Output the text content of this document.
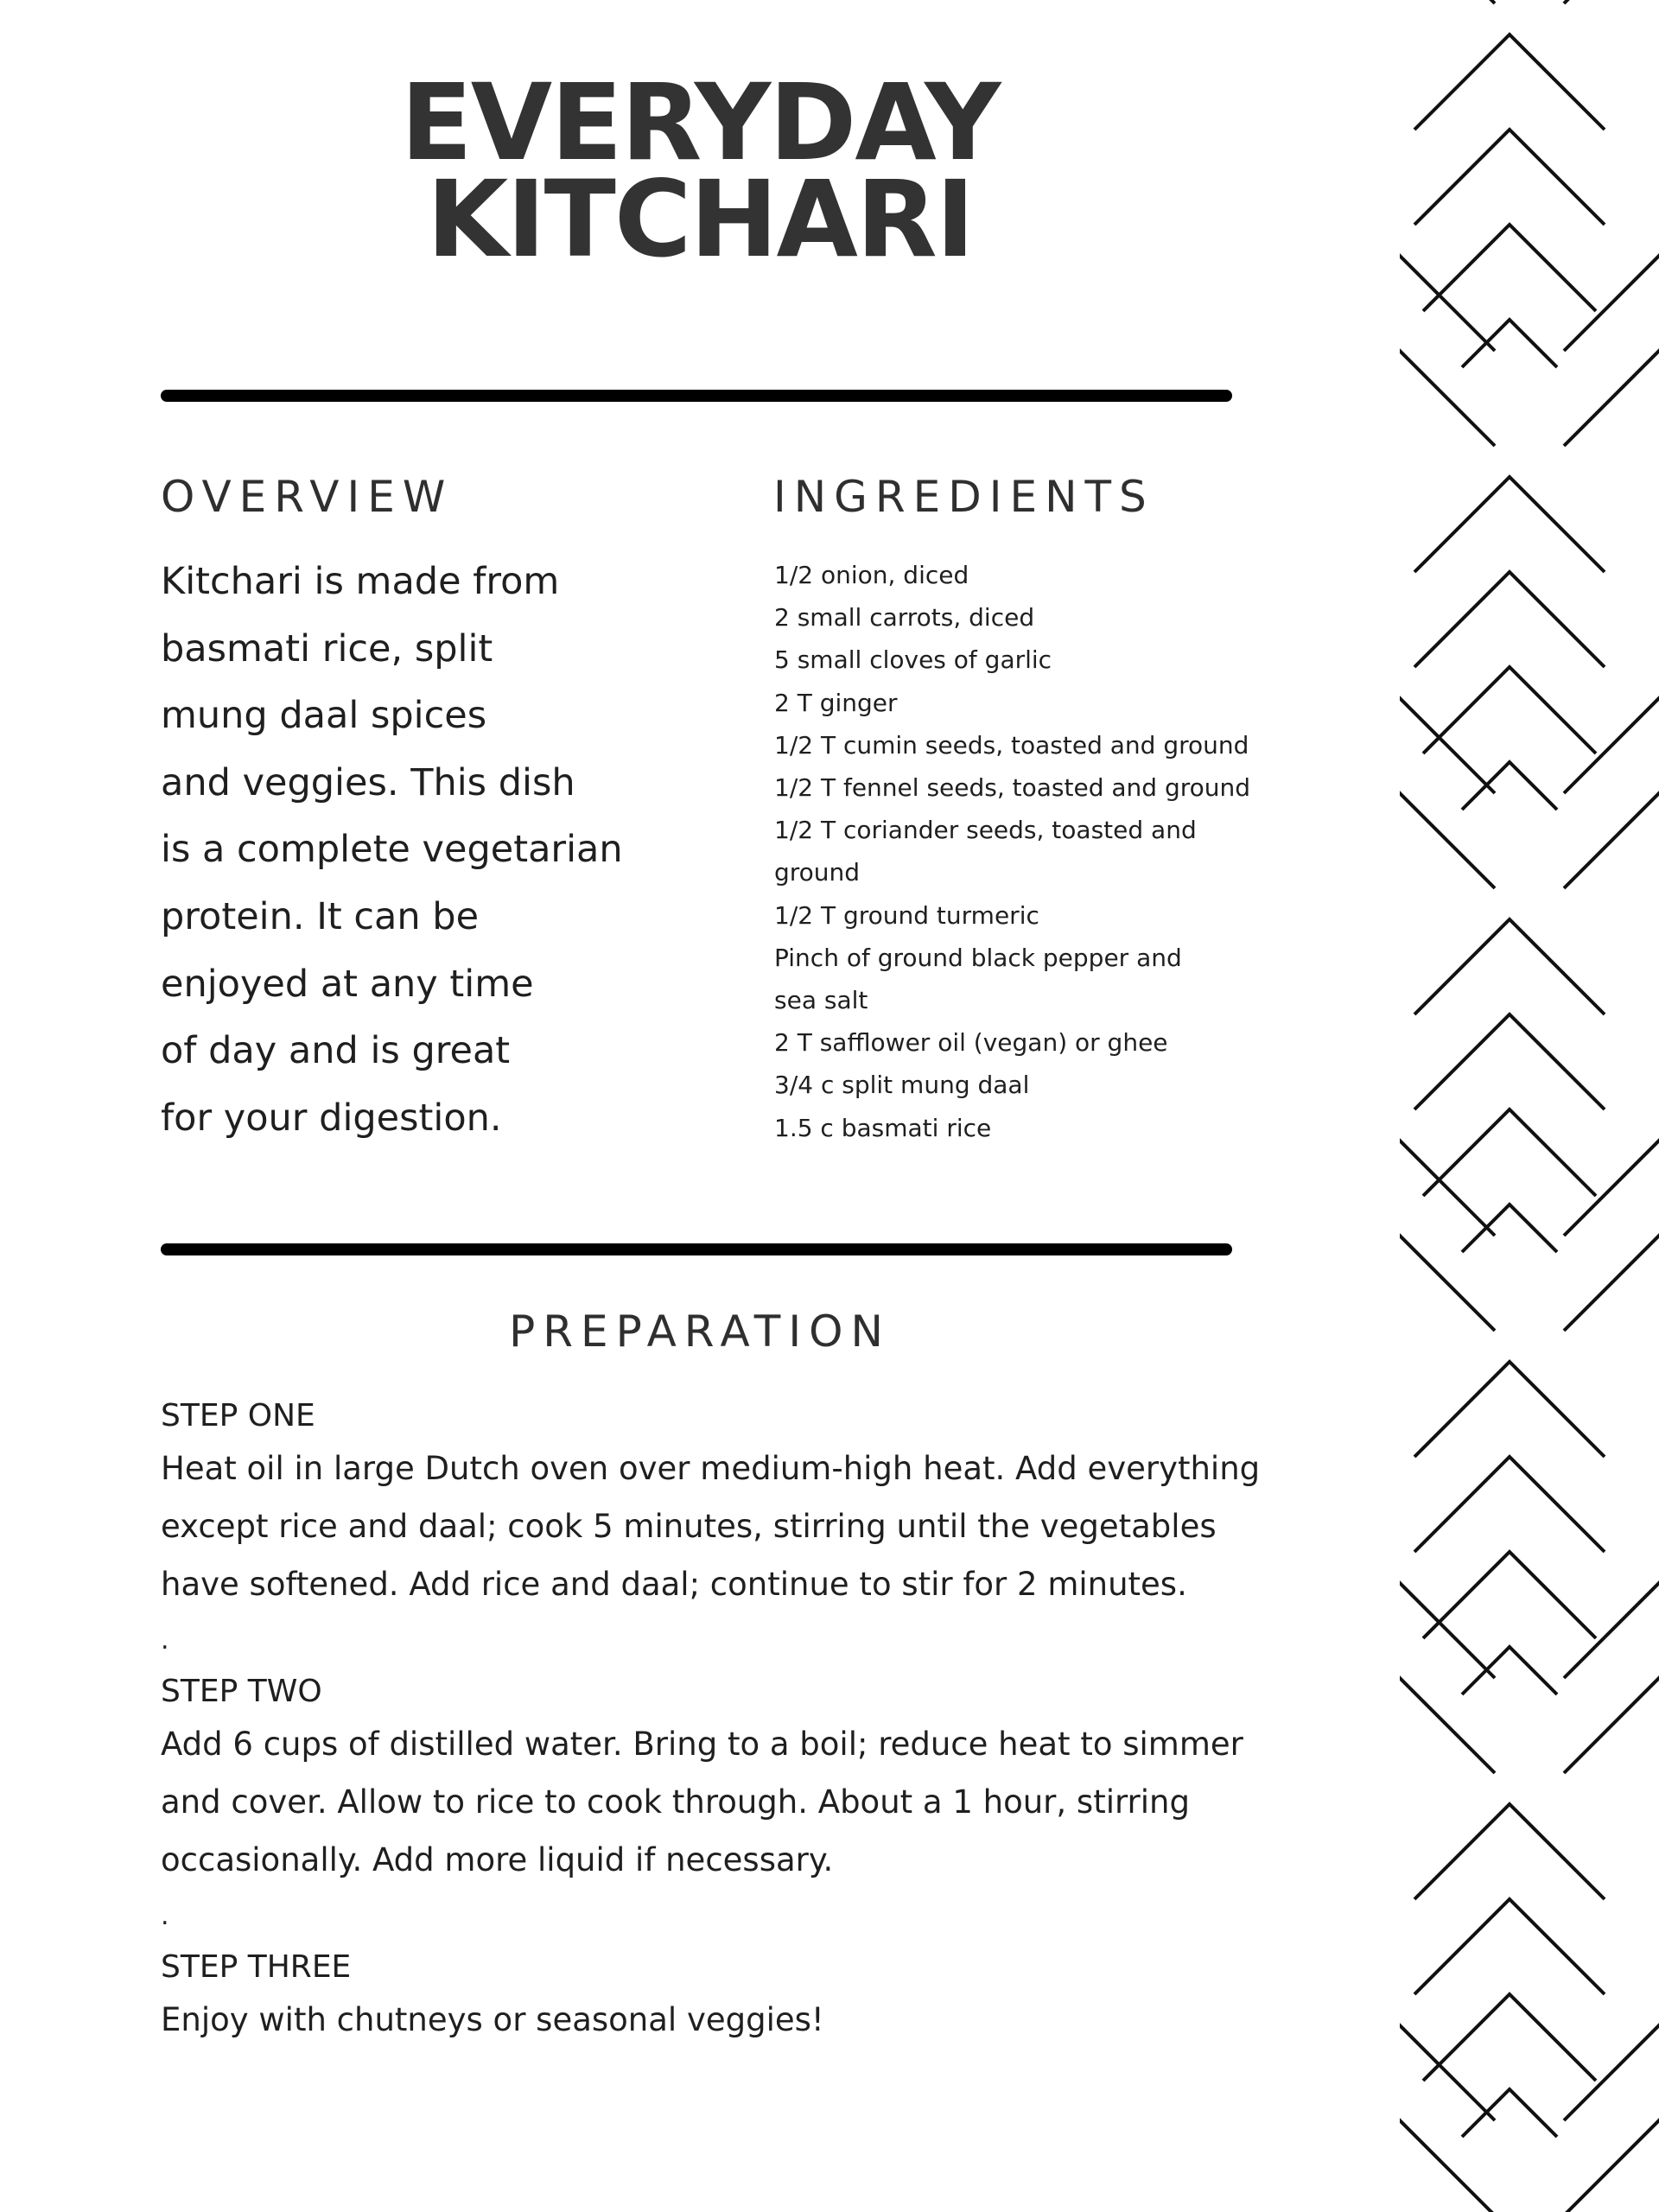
EVERYDAY
KITCHARI
OVERVIEW
Kitchari is made from
basmati rice, split
mung daal spices
and veggies. This dish
is a complete vegetarian
protein. It can be
enjoyed at any time
of day and is great
for your digestion.
INGREDIENTS
1/2 onion, diced
2 small carrots, diced
5 small cloves of garlic
2 T ginger
1/2 T cumin seeds, toasted and ground
1/2 T fennel seeds, toasted and ground
1/2 T coriander seeds, toasted and
ground
1/2 T ground turmeric
Pinch of ground black pepper and
sea salt
2 T safflower oil (vegan) or ghee
3/4 c split mung daal
1.5 c basmati rice
PREPARATION

STEP ONE

Heat oil in large Dutch oven over medium-high heat. Add everything
except rice and daal; cook 5 minutes, stirring until the vegetables
have softened. Add rice and daal; continue to stir for 2 minutes.

.

STEP TWO

Add 6 cups of distilled water. Bring to a boil; reduce heat to simmer
and cover. Allow to rice to cook through. About a 1 hour, stirring
occasionally. Add more liquid if necessary.

.

STEP THREE

Enjoy with chutneys or seasonal veggies!
